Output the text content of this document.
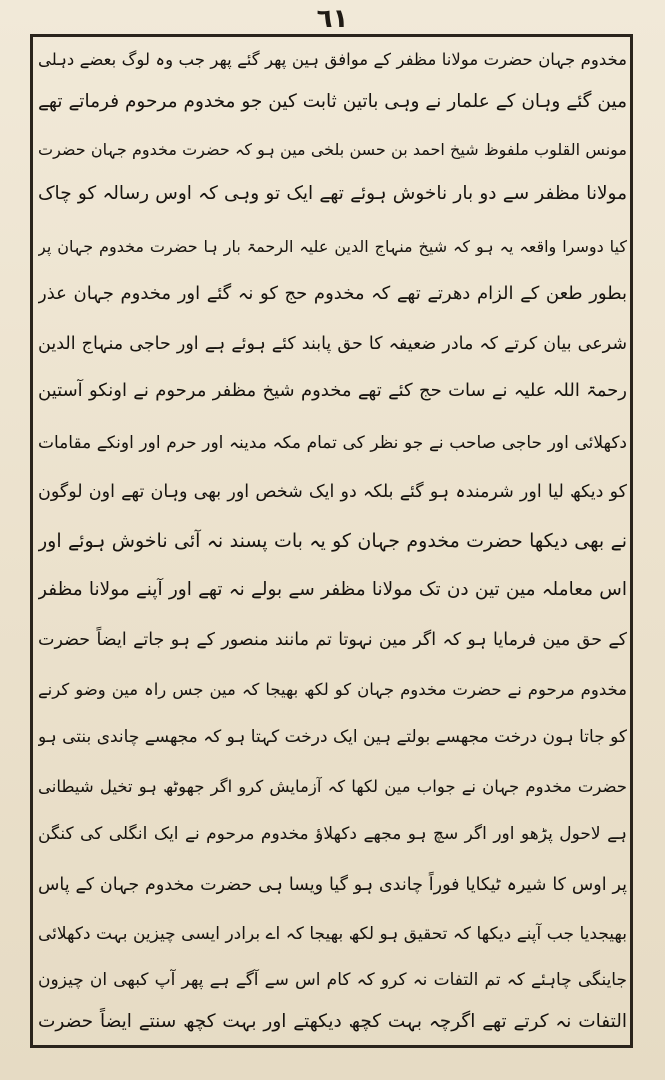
٦١
مخدوم جہان حضرت مولانا مظفر کے موافق ہین پھر گئے پھر جب وہ لوگ بعضے دہلی
مین گئے وہان کے علمار نے وہی باتین ثابت کین جو مخدوم مرحوم فرماتے تھے
مونس القلوب ملفوظ شیخ احمد بن حسن بلخی مین ہو کہ حضرت مخدوم جہان حضرت
مولانا مظفر سے دو بار ناخوش ہوئے تھے ایک تو وہی کہ اوس رسالہ کو چاک
کیا دوسرا واقعہ یہ ہو کہ شیخ منہاج الدین علیہ الرحمۃ بار ہا حضرت مخدوم جہان پر
بطور طعن کے الزام دھرتے تھے کہ مخدوم حج کو نہ گئے اور مخدوم جہان عذر
شرعی بیان کرتے کہ مادر ضعیفہ کا حق پابند کئے ہوئے ہے اور حاجی منہاج الدین
رحمۃ اللہ علیہ نے سات حج کئے تھے مخدوم شیخ مظفر مرحوم نے اونکو آستین
دکھلائی اور حاجی صاحب نے جو نظر کی تمام مکہ مدینہ اور حرم اور اونکے مقامات
کو دیکھ لیا اور شرمندہ ہو گئے بلکہ دو ایک شخص اور بھی وہان تھے اون لوگون
نے بھی دیکھا حضرت مخدوم جہان کو یہ بات پسند نہ آئی ناخوش ہوئے اور
اس معاملہ مین تین دن تک مولانا مظفر سے بولے نہ تھے اور آپنے مولانا مظفر
کے حق مین فرمایا ہو کہ اگر مین نہوتا تم مانند منصور کے ہو جاتے ایضاً حضرت
مخدوم مرحوم نے حضرت مخدوم جہان کو لکھ بھیجا کہ مین جس راہ مین وضو کرنے
کو جاتا ہون درخت مجھسے بولتے ہین ایک درخت کہتا ہو کہ مجھسے چاندی بنتی ہو
حضرت مخدوم جہان نے جواب مین لکھا کہ آزمایش کرو اگر جھوٹھ ہو تخیل شیطانی
ہے لاحول پڑھو اور اگر سچ ہو مجھے دکھلاؤ مخدوم مرحوم نے ایک انگلی کی کنگن
پر اوس کا شیرہ ٹیکایا فوراً چاندی ہو گیا ویسا ہی حضرت مخدوم جہان کے پاس
بھیجدیا جب آپنے دیکھا کہ تحقیق ہو لکھ بھیجا کہ اے برادر ایسی چیزین بہت دکھلائی
جاینگی چاہئے کہ تم التفات نہ کرو کہ کام اس سے آگے ہے پھر آپ کبھی ان چیزون
التفات نہ کرتے تھے اگرچہ بہت کچھ دیکھتے اور بہت کچھ سنتے ایضاً حضرت
